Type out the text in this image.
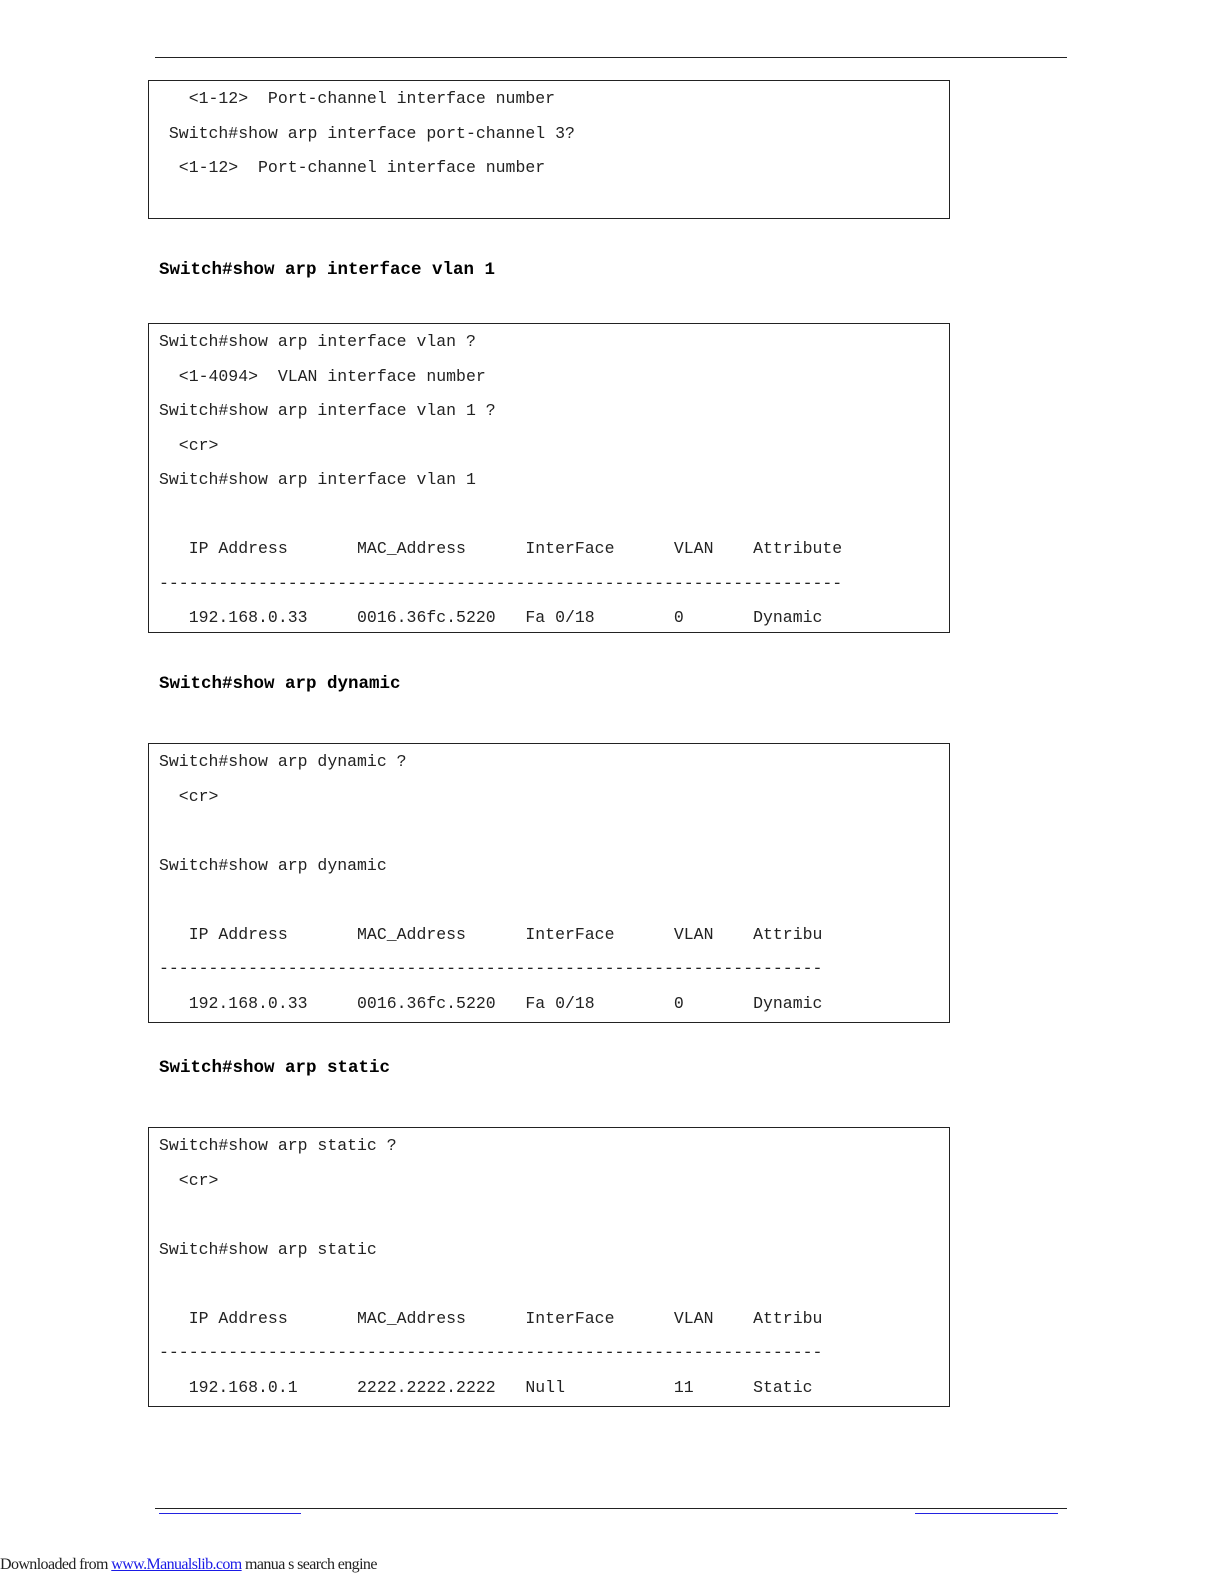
<1-12>  Port-channel interface number
Switch#show arp interface port-channel 3?
<1-12>  Port-channel interface number

Switch#show arp interface vlan 1

Switch#show arp interface vlan ?
<1-4094>  VLAN interface number
Switch#show arp interface vlan 1 ?
<cr>
Switch#show arp interface vlan 1

IP Address       MAC_Address      InterFace      VLAN    Attribute
---------------------------------------------------------------------
192.168.0.33     0016.36fc.5220   Fa 0/18        0       Dynamic

Switch#show arp dynamic

Switch#show arp dynamic ?
<cr>

Switch#show arp dynamic

IP Address       MAC_Address      InterFace      VLAN    Attribu
-------------------------------------------------------------------
192.168.0.33     0016.36fc.5220   Fa 0/18        0       Dynamic

Switch#show arp static

Switch#show arp static ?
<cr>

Switch#show arp static

IP Address       MAC_Address      InterFace      VLAN    Attribu
-------------------------------------------------------------------
192.168.0.1      2222.2222.2222   Null           11      Static
Downloaded from www.Manualslib.com manua s search engine
